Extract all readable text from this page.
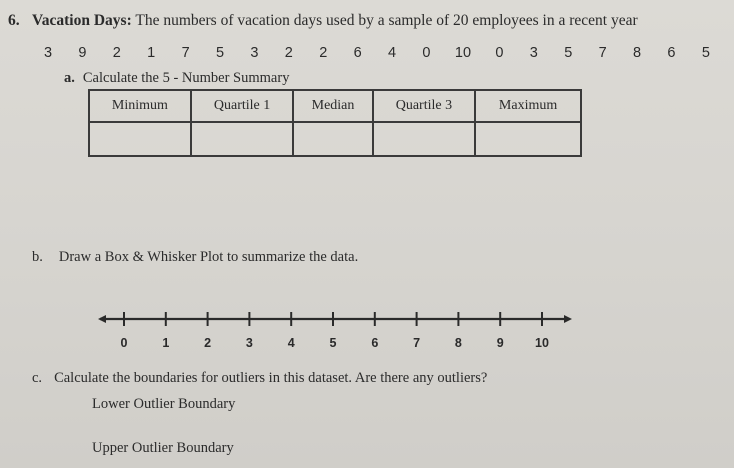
6. Vacation Days: The numbers of vacation days used by a sample of 20 employees in a recent year
3 9 2 1 7 5 3 2 2 6 4 0 10 0 3 5 7 8 6 5
a. Calculate the 5 - Number Summary
Minimum	Quartile 1	Median	Quartile 3	Maximum

b. Draw a Box & Whisker Plot to summarize the data.
0	1	2	3	4	5	6	7	8	9	10
c. Calculate the boundaries for outliers in this dataset. Are there any outliers?
Lower Outlier Boundary
Upper Outlier Boundary
